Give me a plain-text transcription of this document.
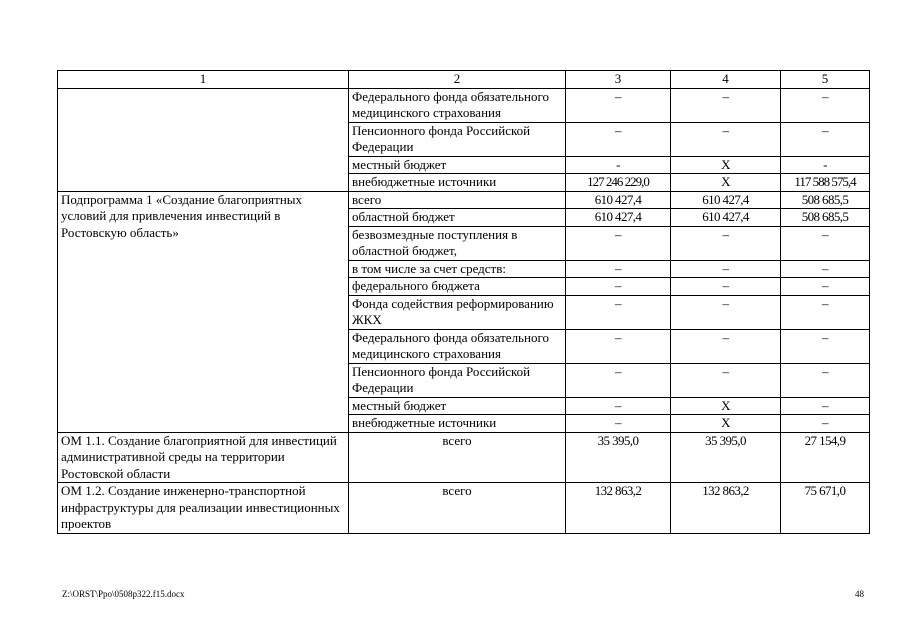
1	2	3	4	5
	Федерального фонда обязательного медицинского страхования	–	–	–
	Пенсионного фонда Российской Федерации	–	–	–
	местный бюджет	-	Х	-
	внебюджетные источники	127 246 229,0	Х	117 588 575,4
Подпрограмма 1 «Создание благоприятных условий для привлечения инвестиций в Ростовскую область»	всего	610 427,4	610 427,4	508 685,5
	областной бюджет	610 427,4	610 427,4	508 685,5
	безвозмездные поступления в областной бюджет,	–	–	–
	в том числе за счет средств:	–	–	–
	федерального бюджета	–	–	–
	Фонда содействия реформированию ЖКХ	–	–	–
	Федерального фонда обязательного медицинского страхования	–	–	–
	Пенсионного фонда Российской Федерации	–	–	–
	местный бюджет	–	Х	–
	внебюджетные источники	–	Х	–
ОМ 1.1. Создание благоприятной для инвестиций административной среды на территории Ростовской области	всего	35 395,0	35 395,0	27 154,9
ОМ 1.2. Создание инженерно-транспортной инфраструктуры для реализации инвестиционных проектов	всего	132 863,2	132 863,2	75 671,0
Z:\ORST\Ppo\0508p322.f15.docx	48
